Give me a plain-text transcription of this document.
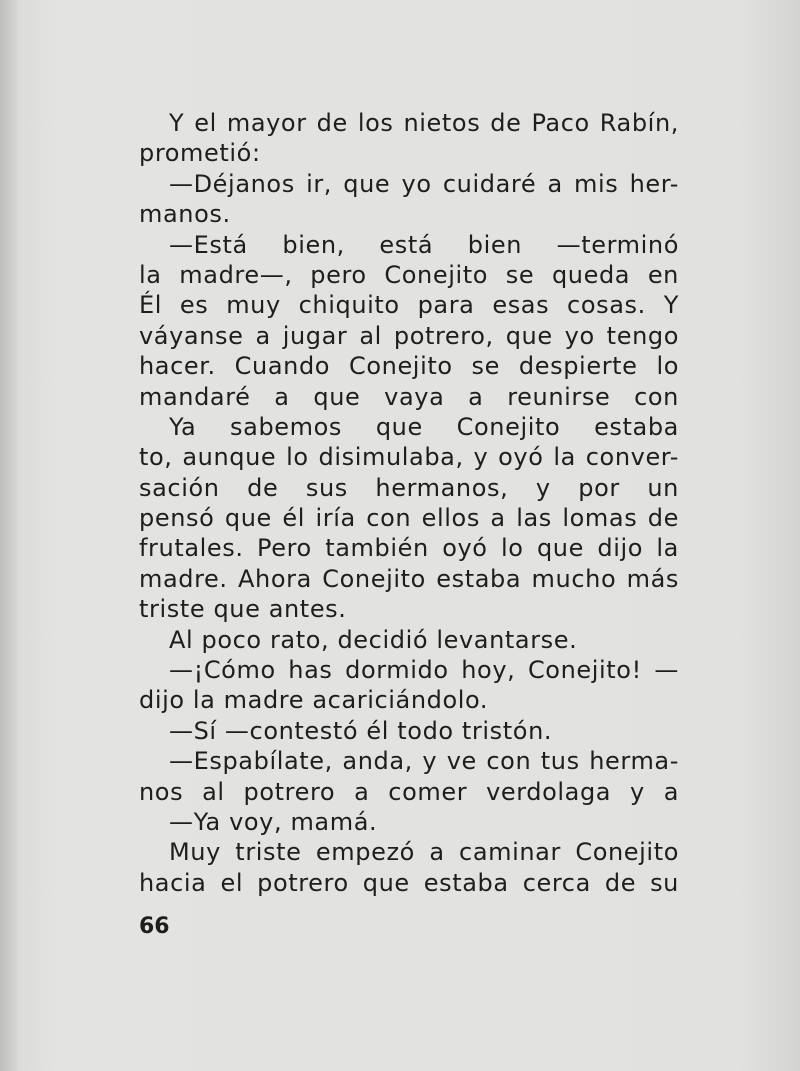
Y el mayor de los nietos de Paco Rabín,
prometió:
—Déjanos ir, que yo cuidaré a mis her-
manos.
—Está bien, está bien —terminó
la madre—, pero Conejito se queda en
Él es muy chiquito para esas cosas. Y
váyanse a jugar al potrero, que yo tengo
hacer. Cuando Conejito se despierte lo
mandaré a que vaya a reunirse con
Ya sabemos que Conejito estaba
to, aunque lo disimulaba, y oyó la conver-
sación de sus hermanos, y por un
pensó que él iría con ellos a las lomas de
frutales. Pero también oyó lo que dijo la
madre. Ahora Conejito estaba mucho más
triste que antes.
Al poco rato, decidió levantarse.
—¡Cómo has dormido hoy, Conejito! —
dijo la madre acariciándolo.
—Sí —contestó él todo tristón.
—Espabílate, anda, y ve con tus herma-
nos al potrero a comer verdolaga y a
—Ya voy, mamá.
Muy triste empezó a caminar Conejito
hacia el potrero que estaba cerca de su
66
